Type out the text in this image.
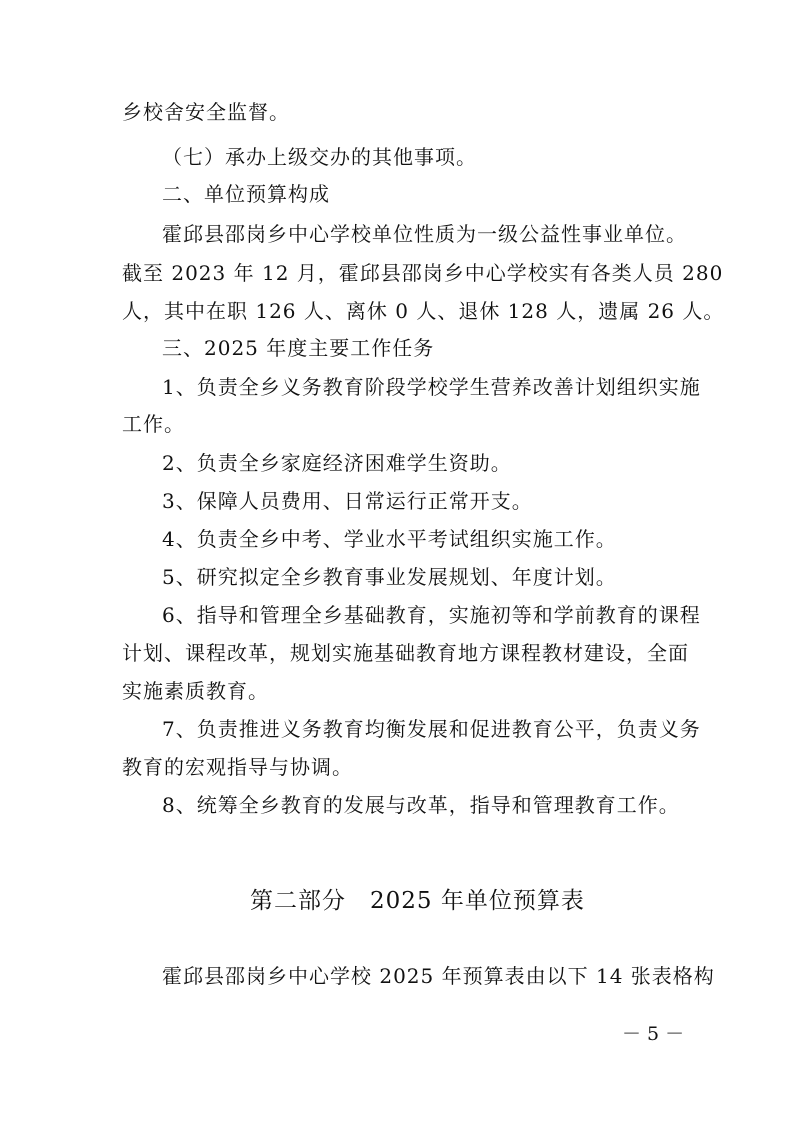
乡校舍安全监督。
（七）承办上级交办的其他事项。
二、单位预算构成
霍邱县邵岗乡中心学校单位性质为一级公益性事业单位。
截至 2023 年 12 月，霍邱县邵岗乡中心学校实有各类人员 280
人，其中在职 126 人、离休 0 人、退休 128 人，遗属 26 人。
三、2025 年度主要工作任务
1、负责全乡义务教育阶段学校学生营养改善计划组织实施
工作。
2、负责全乡家庭经济困难学生资助。
3、保障人员费用、日常运行正常开支。
4、负责全乡中考、学业水平考试组织实施工作。
5、研究拟定全乡教育事业发展规划、年度计划。
6、指导和管理全乡基础教育，实施初等和学前教育的课程
计划、课程改革，规划实施基础教育地方课程教材建设，全面
实施素质教育。
7、负责推进义务教育均衡发展和促进教育公平，负责义务
教育的宏观指导与协调。
8、统筹全乡教育的发展与改革，指导和管理教育工作。
第二部分　2025 年单位预算表
霍邱县邵岗乡中心学校 2025 年预算表由以下 14 张表格构
－ 5 －
